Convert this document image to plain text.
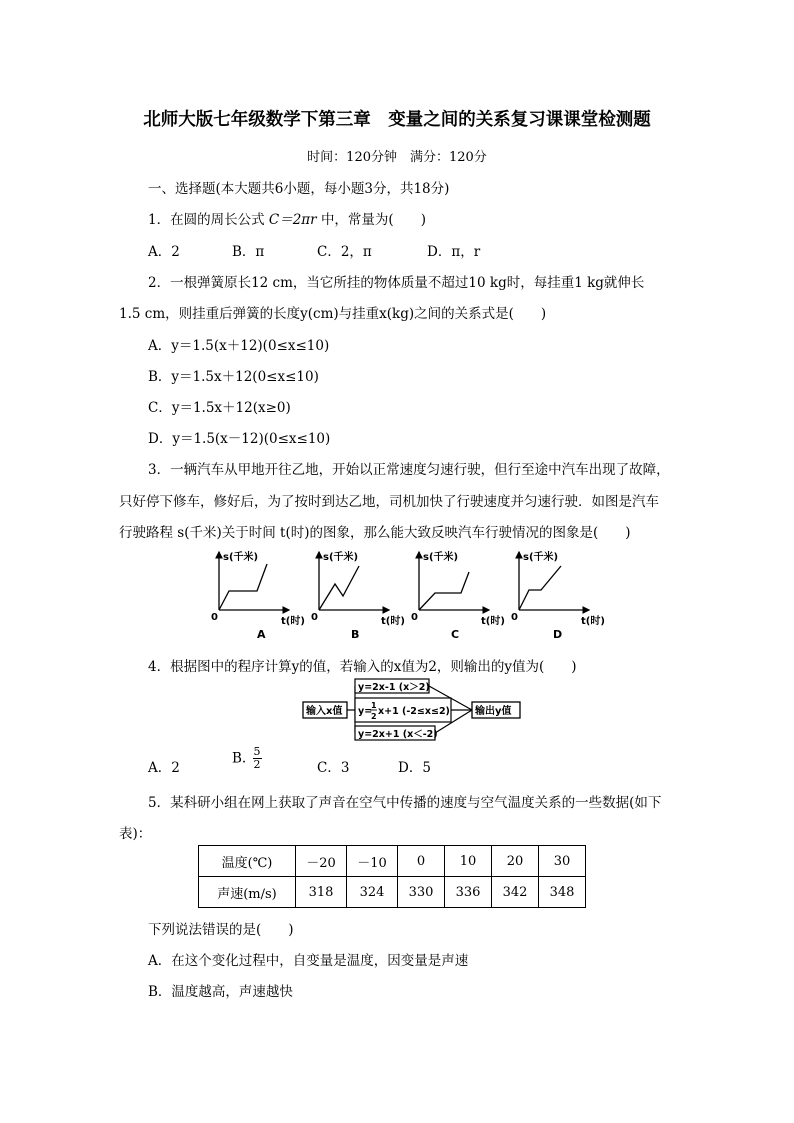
北师大版七年级数学下第三章　变量之间的关系复习课课堂检测题
时间：120分钟　满分：120分
一、选择题(本大题共6小题，每小题3分，共18分)
1．在圆的周长公式 C＝2πr 中，常量为(　　)
A．2	B．π	C．2，π	D．π，r
2．一根弹簧原长12 cm，当它所挂的物体质量不超过10 kg时，每挂重1 kg就伸长
1.5 cm，则挂重后弹簧的长度y(cm)与挂重x(kg)之间的关系式是(　　)
A．y＝1.5(x＋12)(0≤x≤10)
B．y＝1.5x＋12(0≤x≤10)
C．y＝1.5x＋12(x≥0)
D．y＝1.5(x－12)(0≤x≤10)
3．一辆汽车从甲地开往乙地，开始以正常速度匀速行驶，但行至途中汽车出现了故障，
只好停下修车，修好后，为了按时到达乙地，司机加快了行驶速度并匀速行驶．如图是汽车
行驶路程 s(千米)关于时间 t(时)的图象，那么能大致反映汽车行驶情况的图象是(　　)
s(千米)
t(时)
0
A
s(千米)
t(时)
0
B
s(千米)
t(时)
0
C
s(千米)
t(时)
0
D
4．根据图中的程序计算y的值，若输入的x值为2，则输出的y值为(　　)
输入x值
y=2x-1 (x＞2)
y=
1
2 x+1 (-2≤x≤2)
y=2x+1 (x＜-2)
输出y值
A．2
B. $\frac{5}{2}$	C．3	D．5
5．某科研小组在网上获取了声音在空气中传播的速度与空气温度关系的一些数据(如下
表)：
温度(℃)	－20	－10	0	10	20	30
声速(m/s)	318	324	330	336	342	348
下列说法错误的是(　　)
A．在这个变化过程中，自变量是温度，因变量是声速
B．温度越高，声速越快
